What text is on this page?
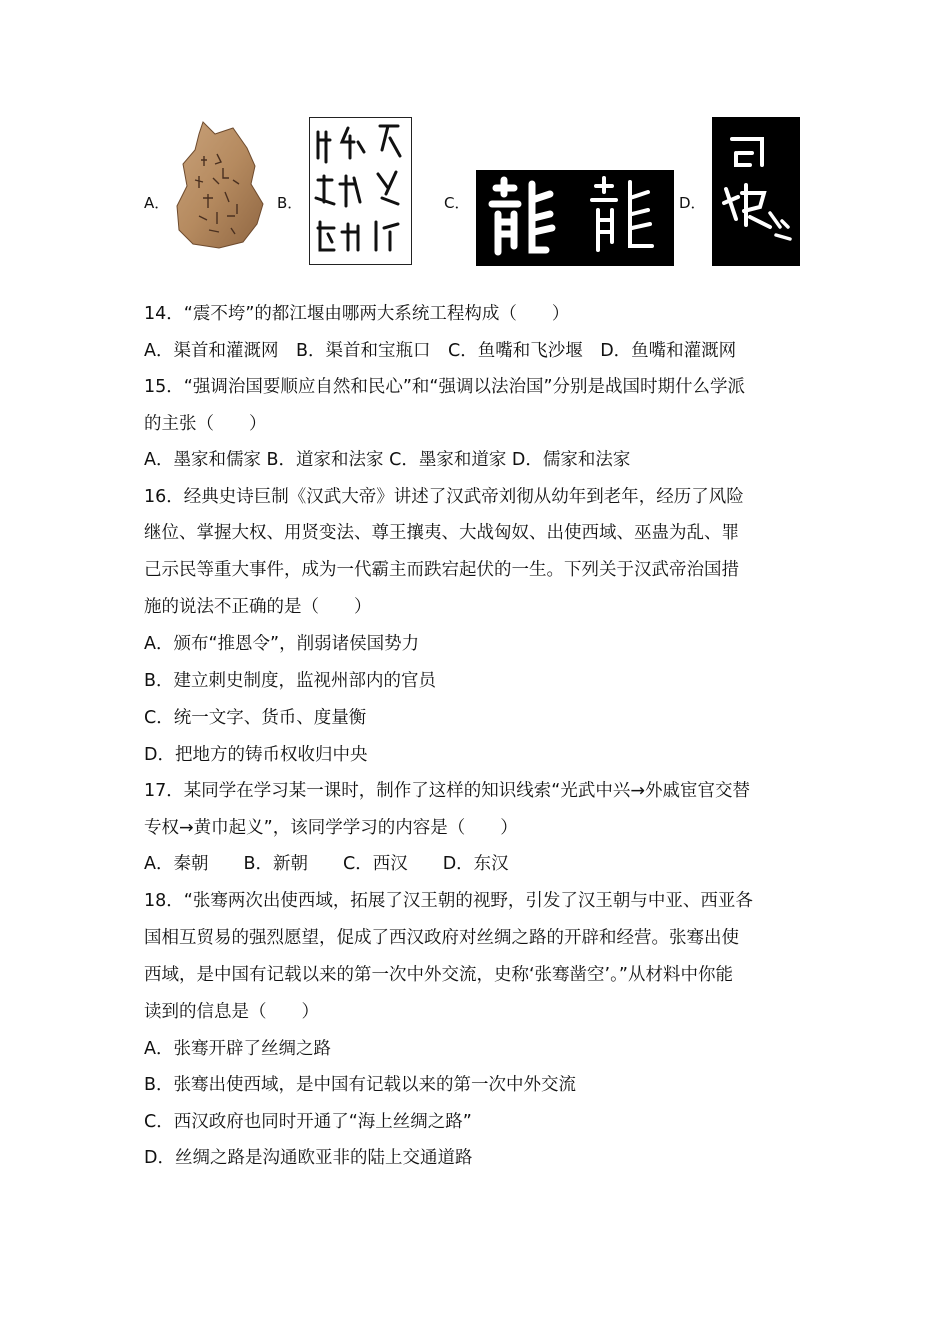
A．	B．	C．	D．
14．“震不垮”的都江堰由哪两大系统工程构成（　　）
A．渠首和灌溉网　B．渠首和宝瓶口　C．鱼嘴和飞沙堰　D．鱼嘴和灌溉网
15．“强调治国要顺应自然和民心”和“强调以法治国”分别是战国时期什么学派
的主张（　　）
A．墨家和儒家 B．道家和法家 C．墨家和道家 D．儒家和法家
16．经典史诗巨制《汉武大帝》讲述了汉武帝刘彻从幼年到老年，经历了风险
继位、掌握大权、用贤变法、尊王攘夷、大战匈奴、出使西域、巫蛊为乱、罪
己示民等重大事件，成为一代霸主而跌宕起伏的一生。下列关于汉武帝治国措
施的说法不正确的是（　　）
A．颁布“推恩令”，削弱诸侯国势力
B．建立刺史制度，监视州部内的官员
C．统一文字、货币、度量衡
D．把地方的铸币权收归中央
17．某同学在学习某一课时，制作了这样的知识线索“光武中兴→外戚宦官交替
专权→黄巾起义”，该同学学习的内容是（　　）
A．秦朝　　B．新朝　　C．西汉　　D．东汉
18．“张骞两次出使西域，拓展了汉王朝的视野，引发了汉王朝与中亚、西亚各
国相互贸易的强烈愿望，促成了西汉政府对丝绸之路的开辟和经营。张骞出使
西域，是中国有记载以来的第一次中外交流，史称‘张骞凿空’。”从材料中你能
读到的信息是（　　）
A．张骞开辟了丝绸之路
B．张骞出使西域，是中国有记载以来的第一次中外交流
C．西汉政府也同时开通了“海上丝绸之路”
D．丝绸之路是沟通欧亚非的陆上交通道路
